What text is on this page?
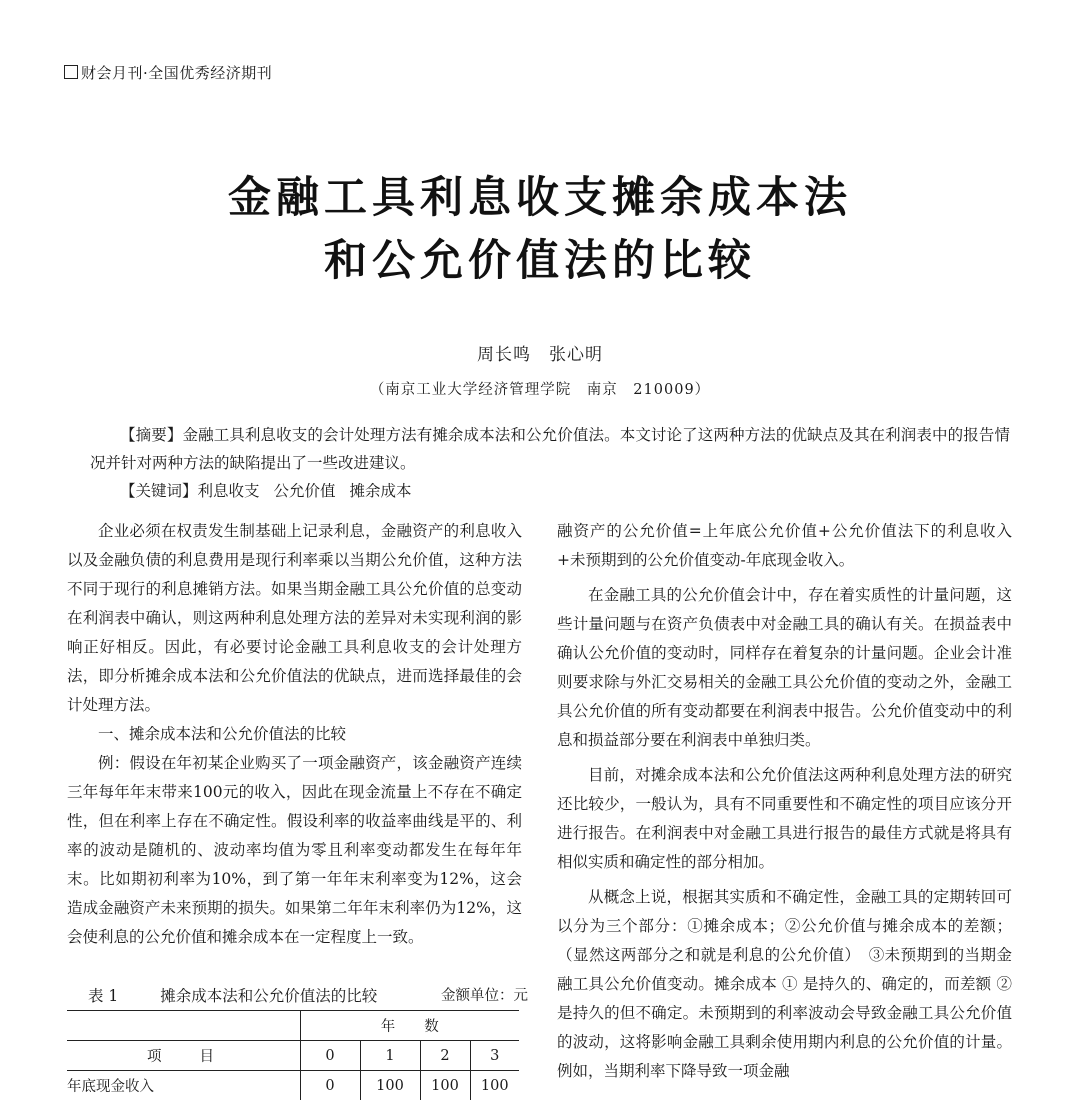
财会月刊·全国优秀经济期刊
金融工具利息收支摊余成本法
和公允价值法的比较
周长鸣　张心明
（南京工业大学经济管理学院　南京　210009）
【摘要】金融工具利息收支的会计处理方法有摊余成本法和公允价值法。本文讨论了这两种方法的优缺点及其在利润表中的报告情况并针对两种方法的缺陷提出了一些改进建议。
【关键词】利息收支 公允价值 摊余成本

企业必须在权责发生制基础上记录利息，金融资产的利息收入以及金融负债的利息费用是现行利率乘以当期公允价值，这种方法不同于现行的利息摊销方法。如果当期金融工具公允价值的总变动在利润表中确认，则这两种利息处理方法的差异对未实现利润的影响正好相反。因此，有必要讨论金融工具利息收支的会计处理方法，即分析摊余成本法和公允价值法的优缺点，进而选择最佳的会计处理方法。

一、摊余成本法和公允价值法的比较

例：假设在年初某企业购买了一项金融资产，该金融资产连续三年每年年末带来100元的收入，因此在现金流量上不存在不确定性，但在利率上存在不确定性。假设利率的收益率曲线是平的、利率的波动是随机的、波动率均值为零且利率变动都发生在每年年末。比如期初利率为10%，到了第一年年末利率变为12%，这会造成金融资产未来预期的损失。如果第二年年末利率仍为12%，这会使利息的公允价值和摊余成本在一定程度上一致。

表 1	摊余成本法和公允价值法的比较	金额单位：元
	年　　数			
项目	0	1	2	3
年底现金收入	0	100	100	100

融资产的公允价值=上年底公允价值+公允价值法下的利息收入+未预期到的公允价值变动-年底现金收入。

在金融工具的公允价值会计中，存在着实质性的计量问题，这些计量问题与在资产负债表中对金融工具的确认有关。在损益表中确认公允价值的变动时，同样存在着复杂的计量问题。企业会计准则要求除与外汇交易相关的金融工具公允价值的变动之外，金融工具公允价值的所有变动都要在利润表中报告。公允价值变动中的利息和损益部分要在利润表中单独归类。

目前，对摊余成本法和公允价值法这两种利息处理方法的研究还比较少，一般认为，具有不同重要性和不确定性的项目应该分开进行报告。在利润表中对金融工具进行报告的最佳方式就是将具有相似实质和确定性的部分相加。

从概念上说，根据其实质和不确定性，金融工具的定期转回可以分为三个部分：①摊余成本；②公允价值与摊余成本的差额；（显然这两部分之和就是利息的公允价值）　③未预期到的当期金融工具公允价值变动。摊余成本 ① 是持久的、确定的，而差额 ② 是持久的但不确定。未预期到的利率波动会导致金融工具公允价值的波动，这将影响金融工具剩余使用期内利息的公允价值的计量。例如，当期利率下降导致一项金融
